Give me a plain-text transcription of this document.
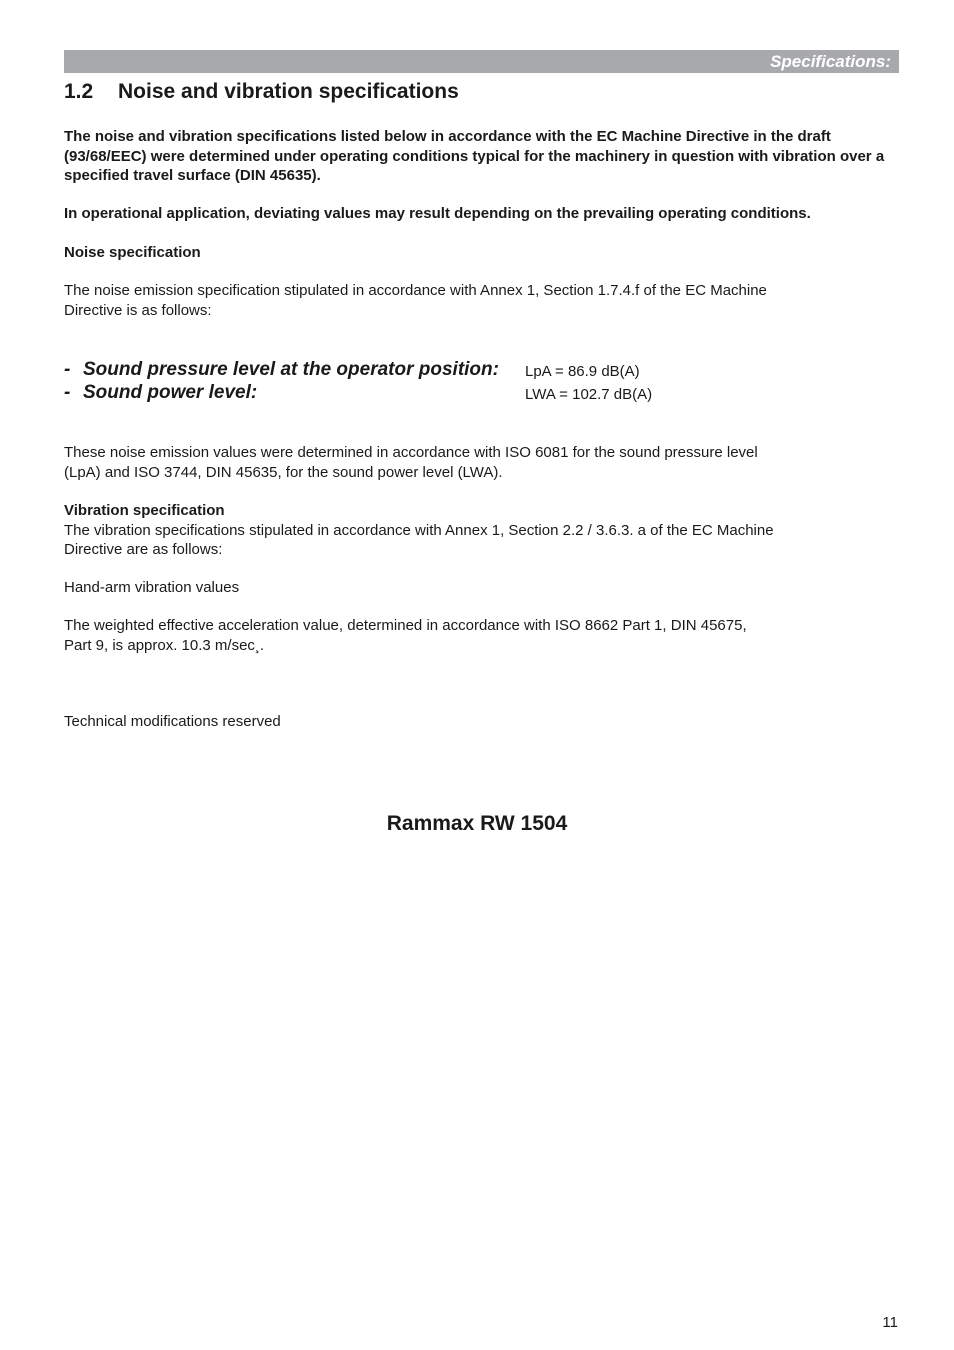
Specifications:
1.2 Noise and vibration specifications

The noise and vibration specifications listed below in accordance with the EC Machine Directive in the draft (93/68/EEC) were determined under operating conditions typical for the machinery in question with vibration over a specified travel surface (DIN 45635).

In operational application, deviating values may result depending on the prevailing operating conditions.

Noise specification

The noise emission specification stipulated in accordance with Annex 1, Section 1.7.4.f of the EC Machine Directive is as follows:

- Sound pressure level at the operator position: LpA = 86.9 dB(A)
- Sound power level:	LWA = 102.7 dB(A)

These noise emission values were determined in accordance with ISO 6081 for the sound pressure level (LpA) and ISO 3744, DIN 45635, for the sound power level (LWA).

Vibration specification
The vibration specifications stipulated in accordance with Annex 1, Section 2.2 / 3.6.3. a of the EC Machine Directive are as follows:

Hand-arm vibration values

The weighted effective acceleration value, determined in accordance with ISO 8662 Part 1, DIN 45675, Part 9, is approx. 10.3 m/sec¸.

Technical modifications reserved

Rammax RW 1504
11
